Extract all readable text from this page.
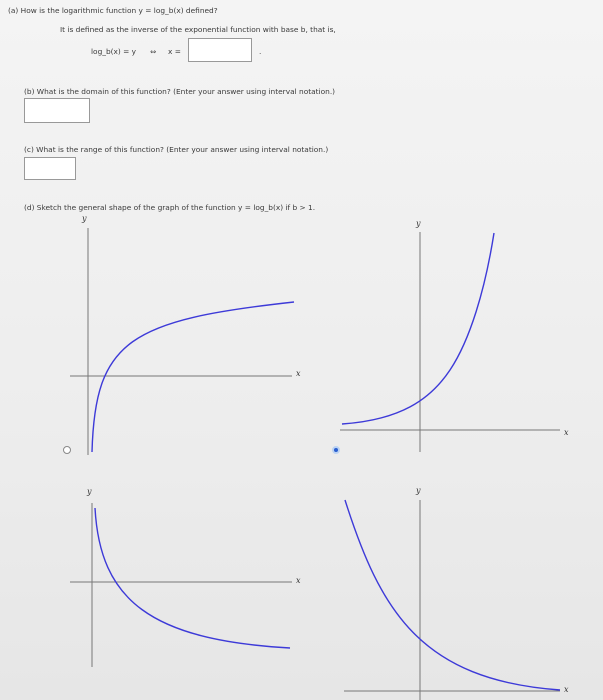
(a) How is the logarithmic function y = log_b(x) defined?
It is defined as the inverse of the exponential function with base b, that is,
log_b(x) = y ⇔ x =	.
(b) What is the domain of this function? (Enter your answer using interval notation.)
(c) What is the range of this function? (Enter your answer using interval notation.)
(d) Sketch the general shape of the graph of the function y = log_b(x) if b > 1.
y
x
y
x
y
x
y
x
